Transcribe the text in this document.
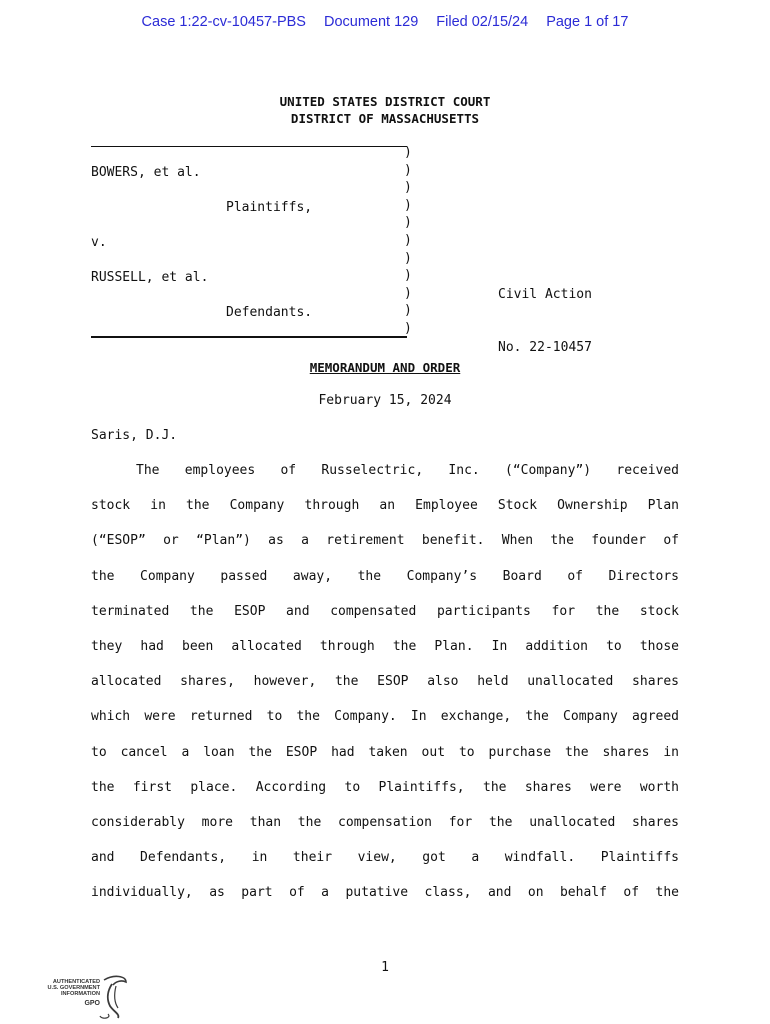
Case 1:22-cv-10457-PBS Document 129 Filed 02/15/24 Page 1 of 17
UNITED STATES DISTRICT COURT
DISTRICT OF MASSACHUSETTS
)
)
)
)
)
)
)
)
)
)
)
BOWERS, et al.
Plaintiffs,
v.
RUSSELL, et al.
Defendants.

Civil Action

No. 22-10457

MEMORANDUM AND ORDER
February 15, 2024
Saris, D.J.
The employees of Russelectric, Inc. (“Company”) received
stock in the Company through an Employee Stock Ownership Plan
(“ESOP” or “Plan”) as a retirement benefit. When the founder of
the Company passed away, the Company’s Board of Directors
terminated the ESOP and compensated participants for the stock
they had been allocated through the Plan. In addition to those
allocated shares, however, the ESOP also held unallocated shares
which were returned to the Company. In exchange, the Company agreed
to cancel a loan the ESOP had taken out to purchase the shares in
the first place. According to Plaintiffs, the shares were worth
considerably more than the compensation for the unallocated shares
and Defendants, in their view, got a windfall. Plaintiffs
individually, as part of a putative class, and on behalf of the
1
AUTHENTICATED
U.S. GOVERNMENT
INFORMATION
GPO
